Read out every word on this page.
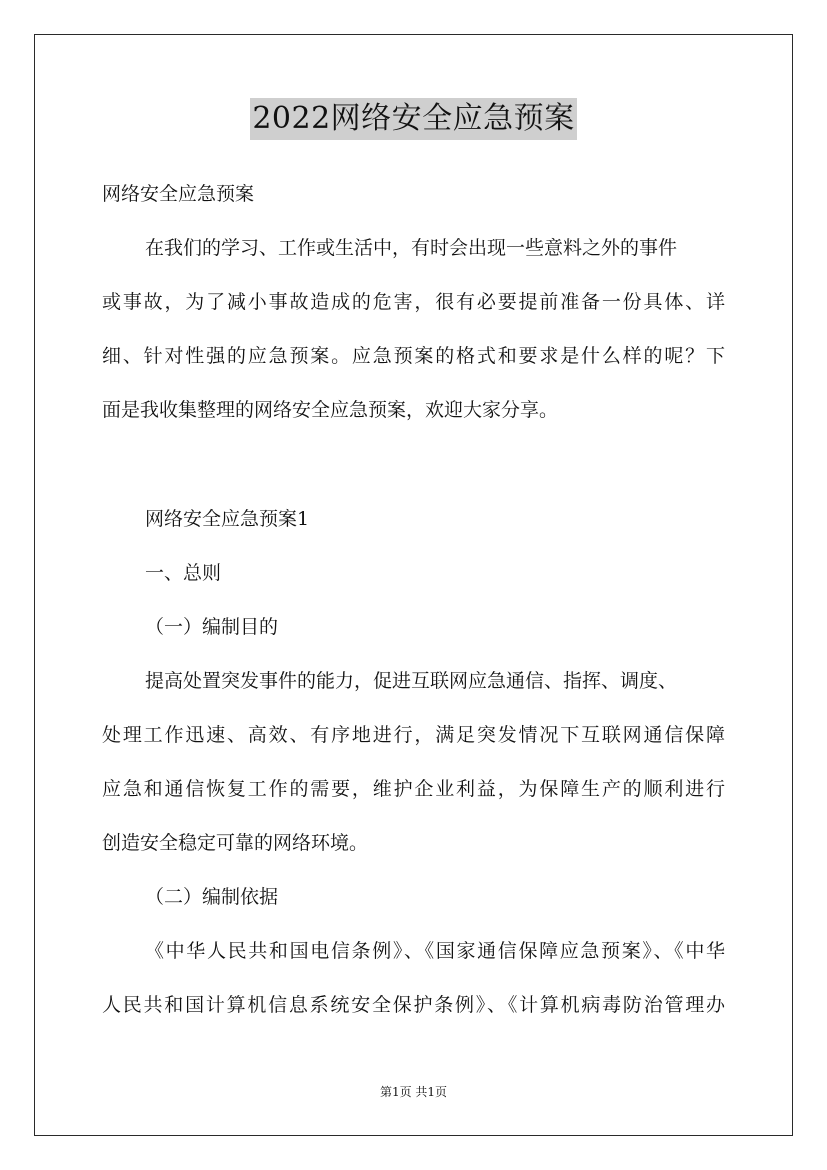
2022网络安全应急预案
网络安全应急预案
在我们的学习、工作或生活中，有时会出现一些意料之外的事件
或事故，为了减小事故造成的危害，很有必要提前准备一份具体、详
细、针对性强的应急预案。应急预案的格式和要求是什么样的呢？下
面是我收集整理的网络安全应急预案，欢迎大家分享。
网络安全应急预案1
一、总则
（一）编制目的
提高处置突发事件的能力，促进互联网应急通信、指挥、调度、
处理工作迅速、高效、有序地进行，满足突发情况下互联网通信保障
应急和通信恢复工作的需要，维护企业利益，为保障生产的顺利进行
创造安全稳定可靠的网络环境。
（二）编制依据
《中华人民共和国电信条例》、《国家通信保障应急预案》、《中华
人民共和国计算机信息系统安全保护条例》、《计算机病毒防治管理办
第1页 共1页
